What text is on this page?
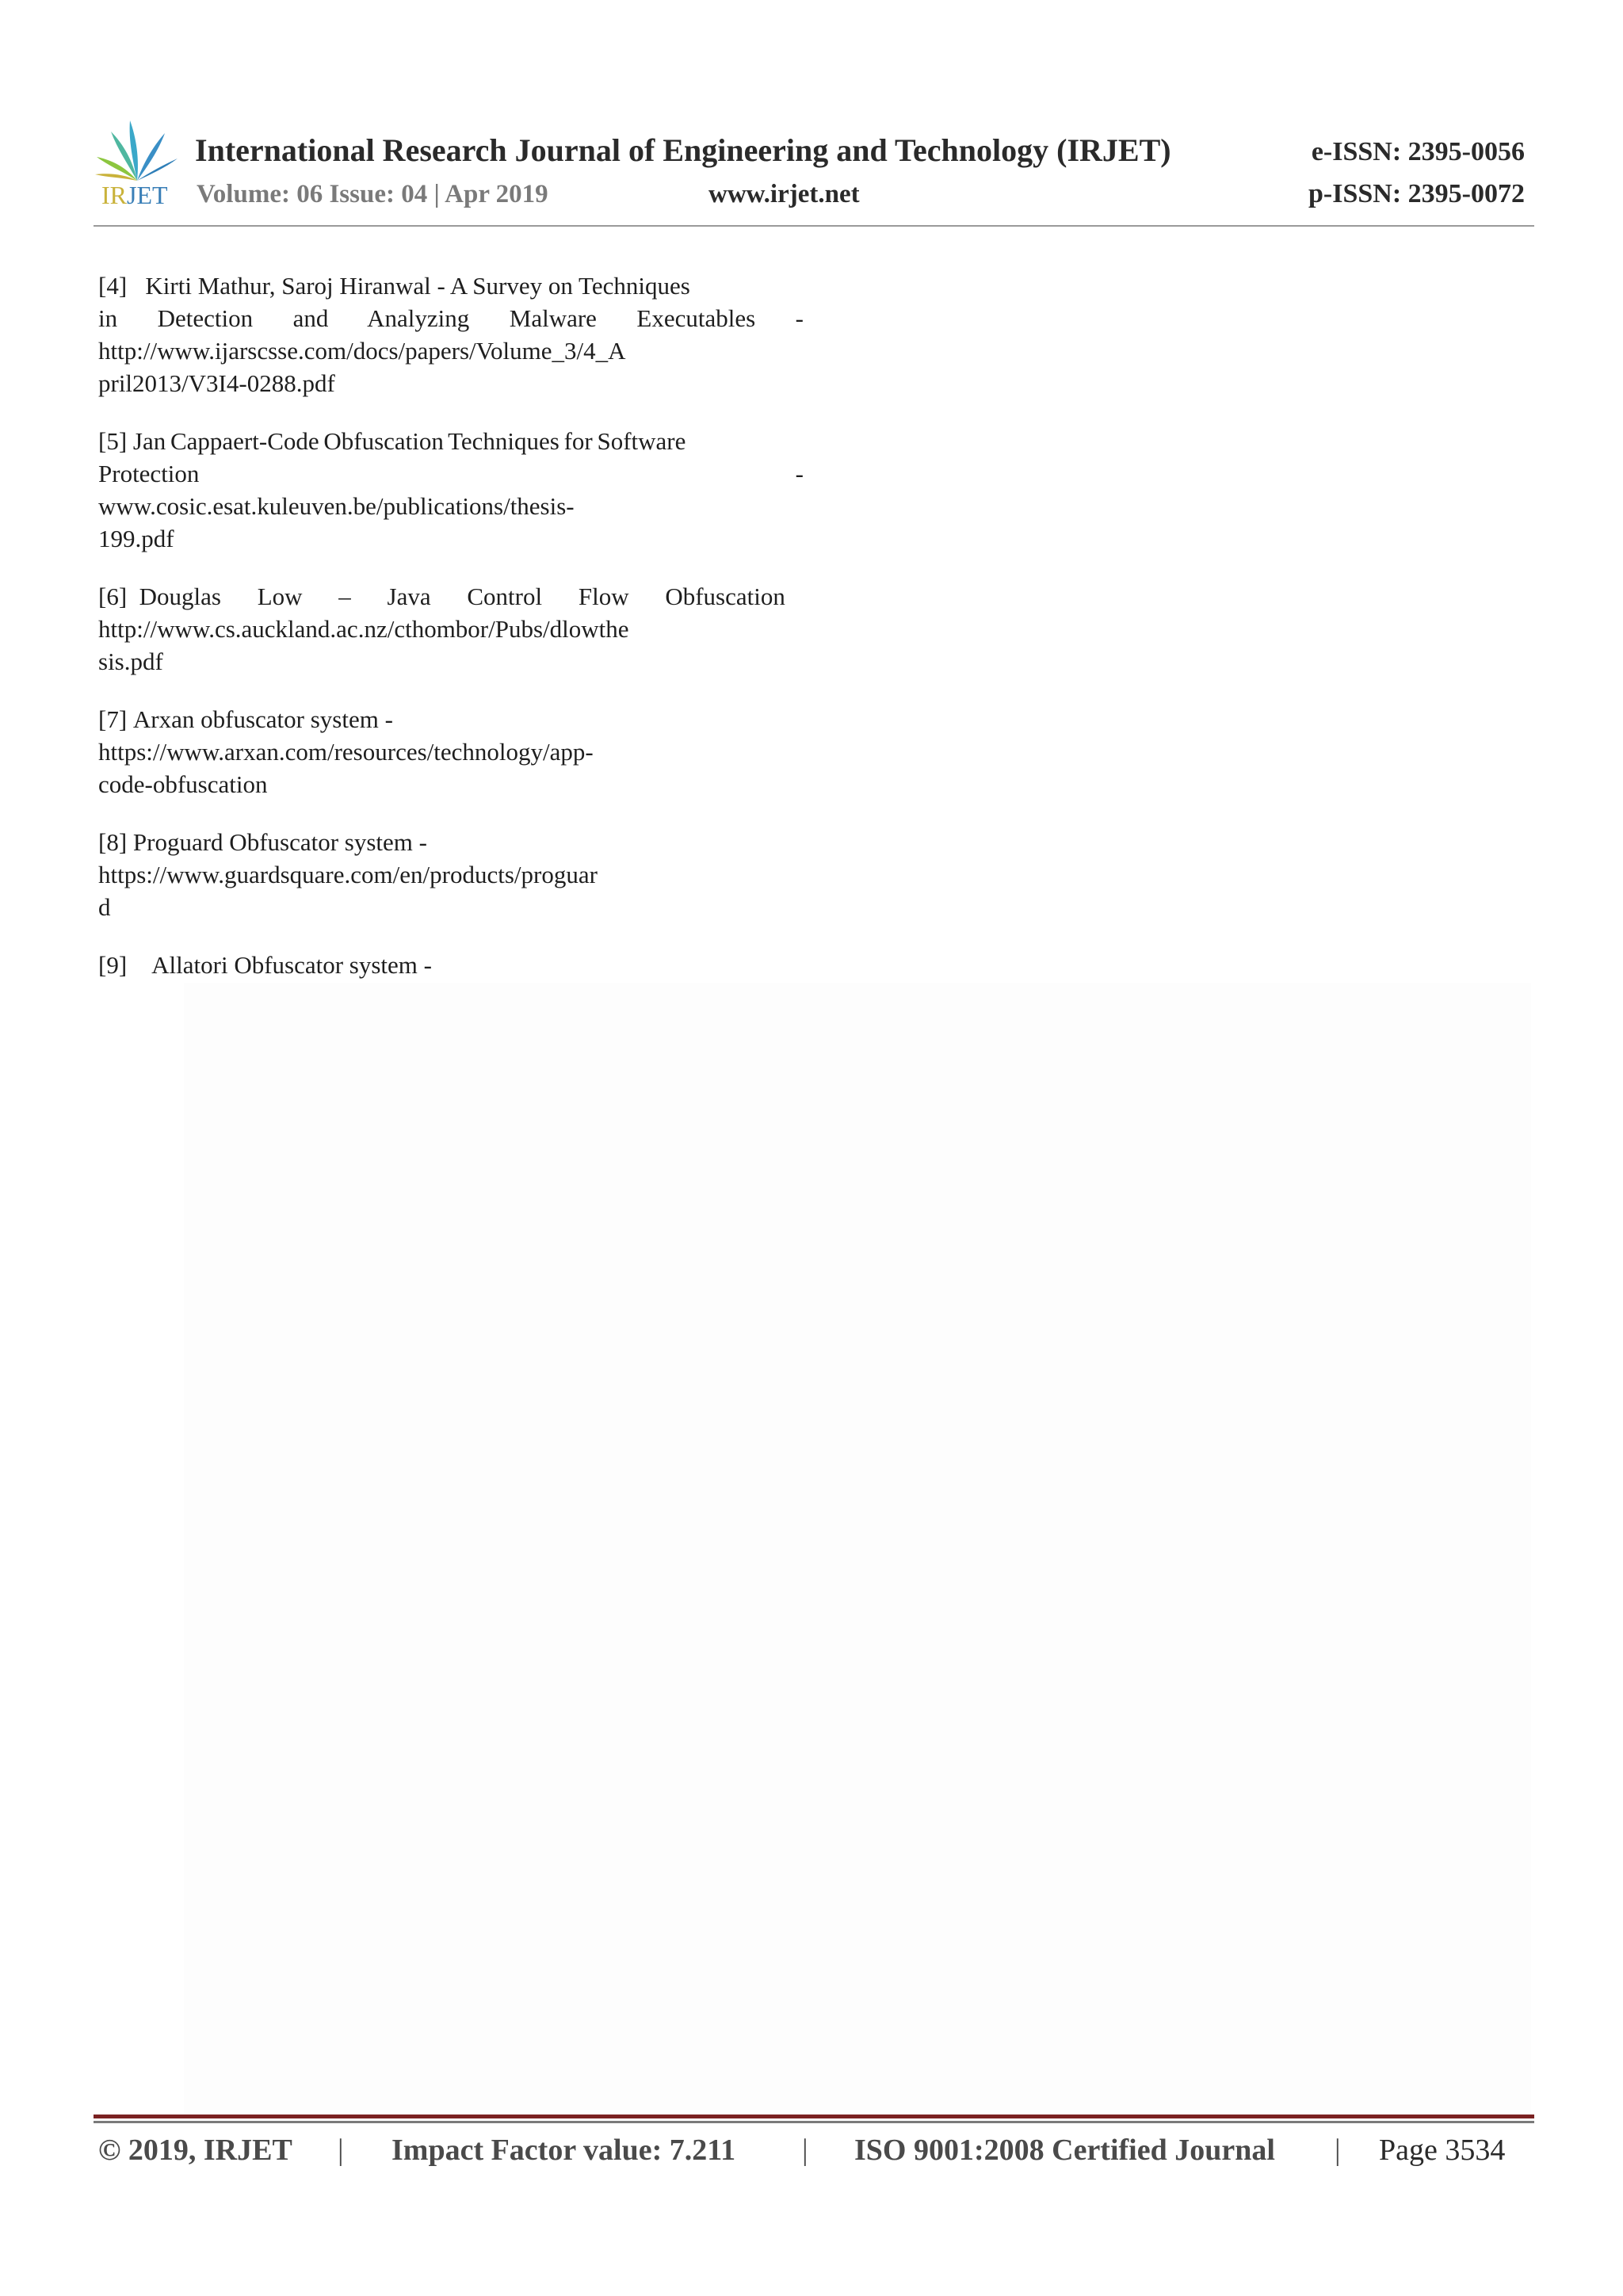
IRJET
International Research Journal of Engineering and Technology (IRJET)	e-ISSN: 2395-0056
Volume: 06 Issue: 04 | Apr 2019	www.irjet.net	p-ISSN: 2395-0072
[4] Kirti Mathur, Saroj Hiranwal - A Survey on Techniques
in Detection and Analyzing Malware Executables -
http://www.ijarscsse.com/docs/papers/Volume_3/4_A
pril2013/V3I4-0288.pdf
[5] Jan Cappaert-Code Obfuscation Techniques for Software
Protection -
www.cosic.esat.kuleuven.be/publications/thesis-
199.pdf
[6] Douglas Low – Java Control Flow Obfuscation
http://www.cs.auckland.ac.nz/cthombor/Pubs/dlowthe
sis.pdf
[7] Arxan obfuscator system -
https://www.arxan.com/resources/technology/app-
code-obfuscation
[8] Proguard Obfuscator system -
https://www.guardsquare.com/en/products/proguar
d
[9] Allatori Obfuscator system -
© 2019, IRJET | Impact Factor value: 7.211 | ISO 9001:2008 Certified Journal | Page 3534
